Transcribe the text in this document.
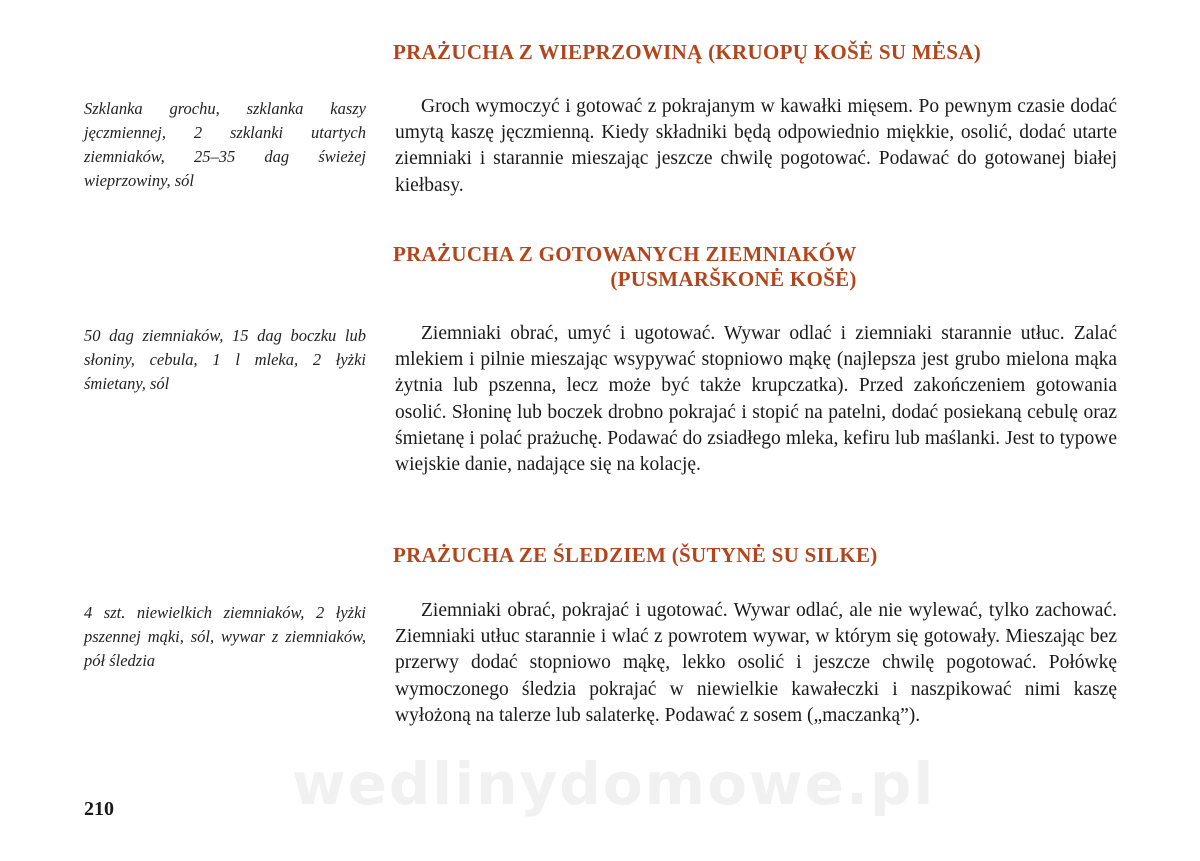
PRAŻUCHA Z WIEPRZOWINĄ (KRUOPŲ KOŠĖ SU MĖSA)

Szklanka grochu, szklanka kaszy jęczmiennej, 2 szklanki utartych ziemniaków, 25–35 dag świeżej wieprzowiny, sól

Groch wymoczyć i gotować z pokrajanym w kawałki mięsem. Po pewnym czasie dodać umytą kaszę jęczmienną. Kiedy składniki będą odpowiednio miękkie, osolić, dodać utarte ziemniaki i starannie mieszając jeszcze chwilę pogotować. Podawać do gotowanej białej kiełbasy.

PRAŻUCHA Z GOTOWANYCH ZIEMNIAKÓW
(PUSMARŠKONĖ KOŠĖ)

50 dag ziemniaków, 15 dag boczku lub słoniny, cebula, 1 l mleka, 2 łyżki śmietany, sól

Ziemniaki obrać, umyć i ugotować. Wywar odlać i ziemniaki starannie utłuc. Zalać mlekiem i pilnie mieszając wsypywać stopniowo mąkę (najlepsza jest grubo mielona mąka żytnia lub pszenna, lecz może być także krupczatka). Przed zakończeniem gotowania osolić. Słoninę lub boczek drobno pokrajać i stopić na patelni, dodać posiekaną cebulę oraz śmietanę i polać prażuchę. Podawać do zsiadłego mleka, kefiru lub maślanki. Jest to typowe wiejskie danie, nadające się na kolację.

PRAŻUCHA ZE ŚLEDZIEM (ŠUTYNĖ SU SILKE)

4 szt. niewielkich ziemniaków, 2 łyżki pszennej mąki, sól, wywar z ziemniaków, pół śledzia

Ziemniaki obrać, pokrajać i ugotować. Wywar odlać, ale nie wylewać, tylko zachować. Ziemniaki utłuc starannie i wlać z powrotem wywar, w którym się gotowały. Mieszając bez przerwy dodać stopniowo mąkę, lekko osolić i jeszcze chwilę pogotować. Połówkę wymoczonego śledzia pokrajać w niewielkie kawałeczki i naszpikować nimi kaszę wyłożoną na talerze lub salaterkę. Podawać z sosem („maczanką”).

wedlinydomowe.pl
210
